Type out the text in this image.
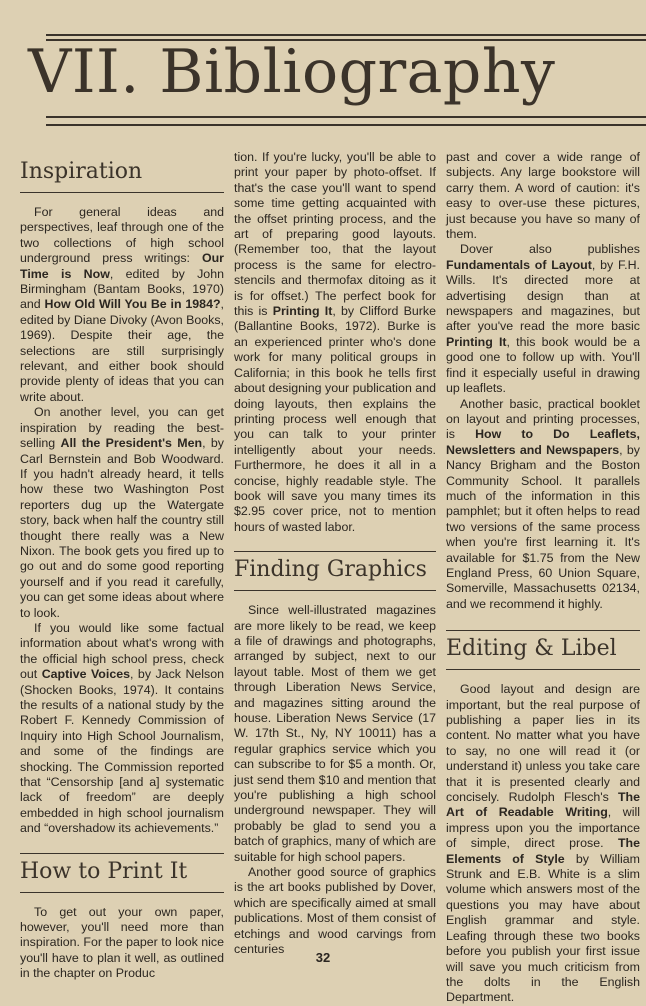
VII. Bibliography
Inspiration

For general ideas and perspectives, leaf through one of the two collections of high school underground press writings: Our Time is Now, edited by John Birmingham (Bantam Books, 1970) and How Old Will You Be in 1984?, edited by Diane Divoky (Avon Books, 1969). Despite their age, the selections are still surprisingly relevant, and either book should provide plenty of ideas that you can write about.

On another level, you can get inspiration by reading the best-selling All the President's Men, by Carl Bernstein and Bob Woodward. If you hadn't already heard, it tells how these two Washington Post reporters dug up the Watergate story, back when half the country still thought there really was a New Nixon. The book gets you fired up to go out and do some good reporting yourself and if you read it carefully, you can get some ideas about where to look.

If you would like some factual information about what's wrong with the official high school press, check out Captive Voices, by Jack Nelson (Shocken Books, 1974). It contains the results of a national study by the Robert F. Kennedy Commission of Inquiry into High School Journalism, and some of the findings are shocking. The Commission reported that “Censorship [and a] systematic lack of freedom” are deeply embedded in high school journalism and “overshadow its achievements.”

How to Print It

To get out your own paper, however, you'll need more than inspiration. For the paper to look nice you'll have to plan it well, as outlined in the chapter on Produc

tion. If you're lucky, you'll be able to print your paper by photo-offset. If that's the case you'll want to spend some time getting acquainted with the offset printing process, and the art of preparing good layouts. (Remember too, that the layout process is the same for electro-stencils and thermofax ditoing as it is for offset.) The perfect book for this is Printing It, by Clifford Burke (Ballantine Books, 1972). Burke is an experienced printer who's done work for many political groups in California; in this book he tells first about designing your publication and doing layouts, then explains the printing process well enough that you can talk to your printer intelligently about your needs. Furthermore, he does it all in a concise, highly readable style. The book will save you many times its $2.95 cover price, not to mention hours of wasted labor.

Finding Graphics

Since well-illustrated magazines are more likely to be read, we keep a file of drawings and photographs, arranged by subject, next to our layout table. Most of them we get through Liberation News Service, and magazines sitting around the house. Liberation News Service (17 W. 17th St., Ny, NY 10011) has a regular graphics service which you can subscribe to for $5 a month. Or, just send them $10 and mention that you're publishing a high school underground newspaper. They will probably be glad to send you a batch of graphics, many of which are suitable for high school papers.

Another good source of graphics is the art books published by Dover, which are specifically aimed at small publications. Most of them consist of etchings and wood carvings from centuries

past and cover a wide range of subjects. Any large bookstore will carry them. A word of caution: it's easy to over-use these pictures, just because you have so many of them.

Dover also publishes Fundamentals of Layout, by F.H. Wills. It's directed more at advertising design than at newspapers and magazines, but after you've read the more basic Printing It, this book would be a good one to follow up with. You'll find it especially useful in drawing up leaflets.

Another basic, practical booklet on layout and printing processes, is How to Do Leaflets, Newsletters and Newspapers, by Nancy Brigham and the Boston Community School. It parallels much of the information in this pamphlet; but it often helps to read two versions of the same process when you're first learning it. It's available for $1.75 from the New England Press, 60 Union Square, Somerville, Massachusetts 02134, and we recommend it highly.

Editing & Libel

Good layout and design are important, but the real purpose of publishing a paper lies in its content. No matter what you have to say, no one will read it (or understand it) unless you take care that it is presented clearly and concisely. Rudolph Flesch's The Art of Readable Writing, will impress upon you the importance of simple, direct prose. The Elements of Style by William Strunk and E.B. White is a slim volume which answers most of the questions you may have about English grammar and style. Leafing through these two books before you publish your first issue will save you much criticism from the dolts in the English Department.

32
